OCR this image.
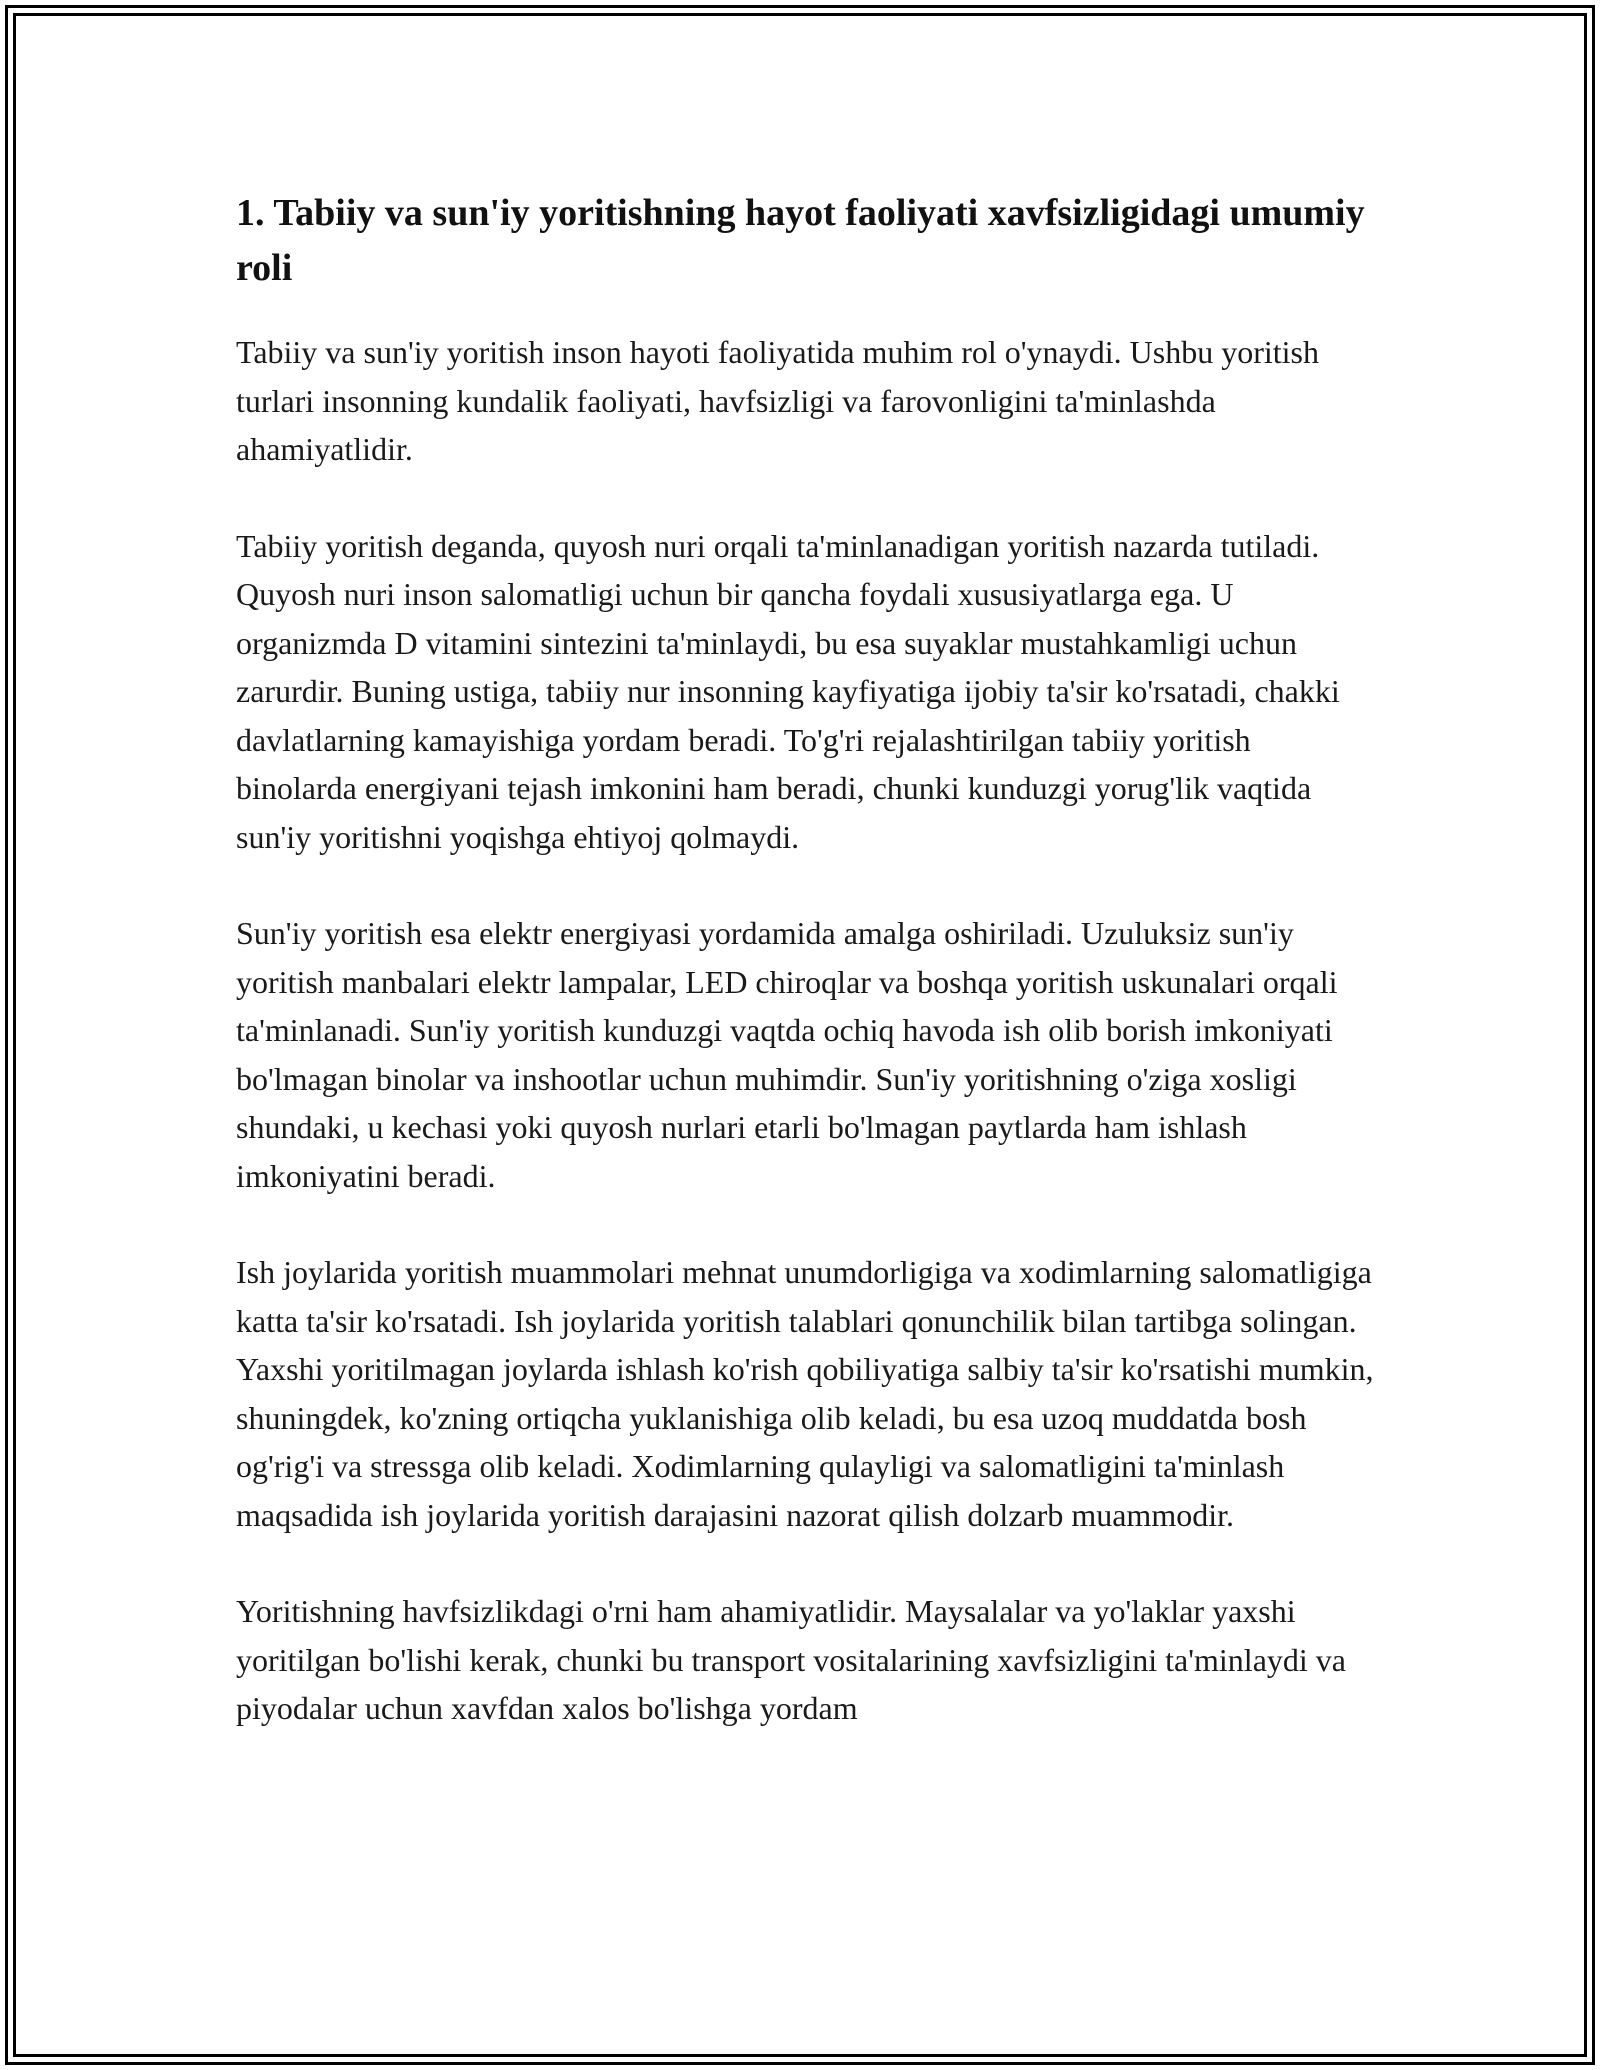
1. Tabiiy va sun'iy yoritishning hayot faoliyati xavfsizligidagi umumiy roli

Tabiiy va sun'iy yoritish inson hayoti faoliyatida muhim rol o'ynaydi. Ushbu yoritish turlari insonning kundalik faoliyati, havfsizligi va farovonligini ta'minlashda ahamiyatlidir.

Tabiiy yoritish deganda, quyosh nuri orqali ta'minlanadigan yoritish nazarda tutiladi. Quyosh nuri inson salomatligi uchun bir qancha foydali xususiyatlarga ega. U organizmda D vitamini sintezini ta'minlaydi, bu esa suyaklar mustahkamligi uchun zarurdir. Buning ustiga, tabiiy nur insonning kayfiyatiga ijobiy ta'sir ko'rsatadi, chakki davlatlarning kamayishiga yordam beradi. To'g'ri rejalashtirilgan tabiiy yoritish binolarda energiyani tejash imkonini ham beradi, chunki kunduzgi yorug'lik vaqtida sun'iy yoritishni yoqishga ehtiyoj qolmaydi.

Sun'iy yoritish esa elektr energiyasi yordamida amalga oshiriladi. Uzuluksiz sun'iy yoritish manbalari elektr lampalar, LED chiroqlar va boshqa yoritish uskunalari orqali ta'minlanadi. Sun'iy yoritish kunduzgi vaqtda ochiq havoda ish olib borish imkoniyati bo'lmagan binolar va inshootlar uchun muhimdir. Sun'iy yoritishning o'ziga xosligi shundaki, u kechasi yoki quyosh nurlari etarli bo'lmagan paytlarda ham ishlash imkoniyatini beradi.

Ish joylarida yoritish muammolari mehnat unumdorligiga va xodimlarning salomatligiga katta ta'sir ko'rsatadi. Ish joylarida yoritish talablari qonunchilik bilan tartibga solingan. Yaxshi yoritilmagan joylarda ishlash ko'rish qobiliyatiga salbiy ta'sir ko'rsatishi mumkin, shuningdek, ko'zning ortiqcha yuklanishiga olib keladi, bu esa uzoq muddatda bosh og'rig'i va stressga olib keladi. Xodimlarning qulayligi va salomatligini ta'minlash maqsadida ish joylarida yoritish darajasini nazorat qilish dolzarb muammodir.

Yoritishning havfsizlikdagi o'rni ham ahamiyatlidir. Maysalalar va yo'laklar yaxshi yoritilgan bo'lishi kerak, chunki bu transport vositalarining xavfsizligini ta'minlaydi va piyodalar uchun xavfdan xalos bo'lishga yordam
